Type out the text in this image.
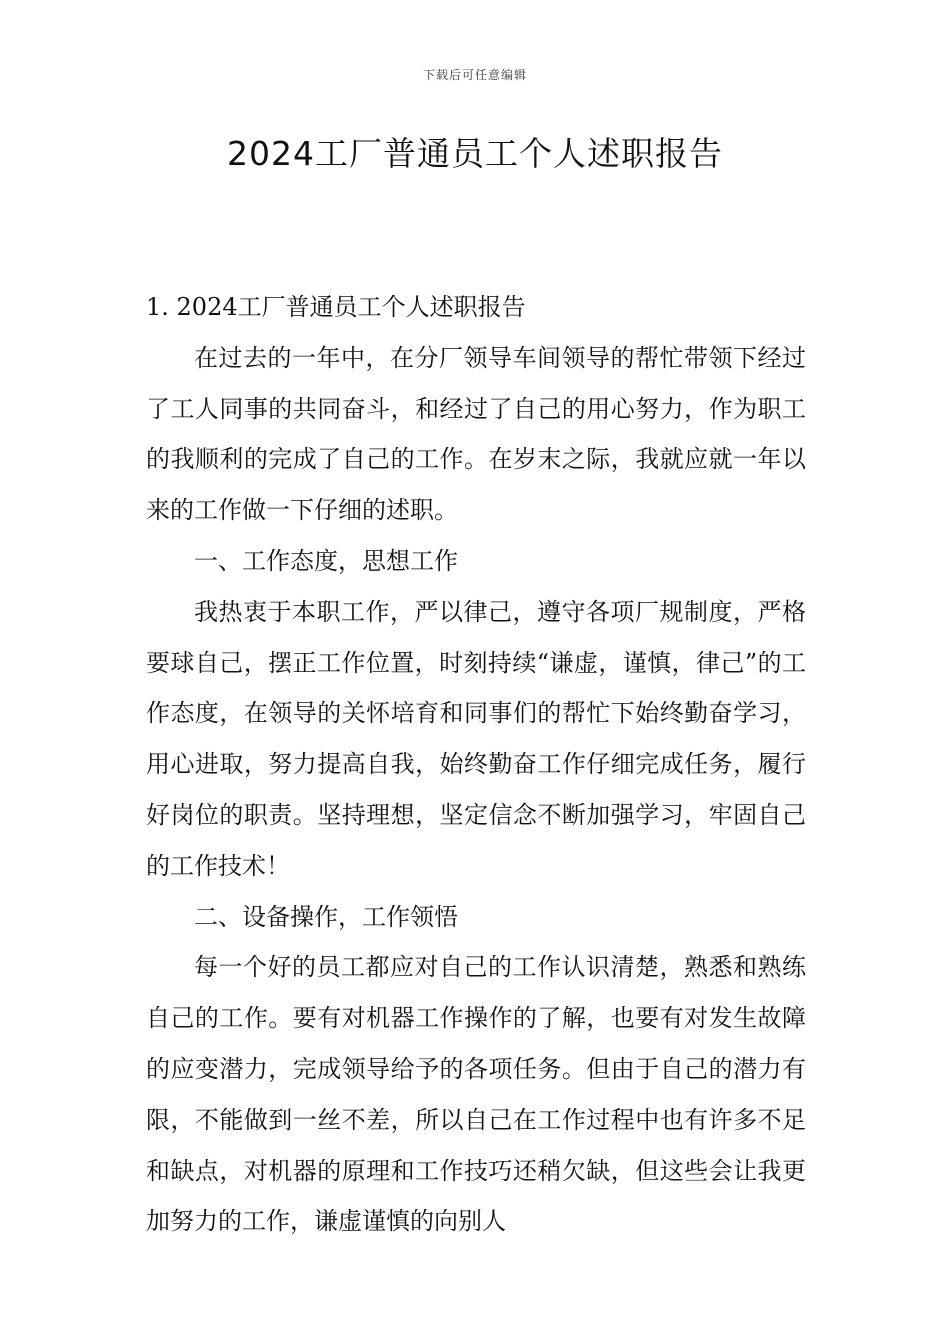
下载后可任意编辑
2024工厂普通员工个人述职报告

1. 2024工厂普通员工个人述职报告

在过去的一年中，在分厂领导车间领导的帮忙带领下经过了工人同事的共同奋斗，和经过了自己的用心努力，作为职工的我顺利的完成了自己的工作。在岁末之际，我就应就一年以来的工作做一下仔细的述职。

一、工作态度，思想工作

我热衷于本职工作，严以律己，遵守各项厂规制度，严格要球自己，摆正工作位置，时刻持续“谦虚，谨慎，律己”的工作态度，在领导的关怀培育和同事们的帮忙下始终勤奋学习，用心进取，努力提高自我，始终勤奋工作仔细完成任务，履行好岗位的职责。坚持理想，坚定信念不断加强学习，牢固自己的工作技术！

二、设备操作，工作领悟

每一个好的员工都应对自己的工作认识清楚，熟悉和熟练自己的工作。要有对机器工作操作的了解，也要有对发生故障的应变潜力，完成领导给予的各项任务。但由于自己的潜力有限，不能做到一丝不差，所以自己在工作过程中也有许多不足和缺点，对机器的原理和工作技巧还稍欠缺，但这些会让我更加努力的工作，谦虚谨慎的向别人
